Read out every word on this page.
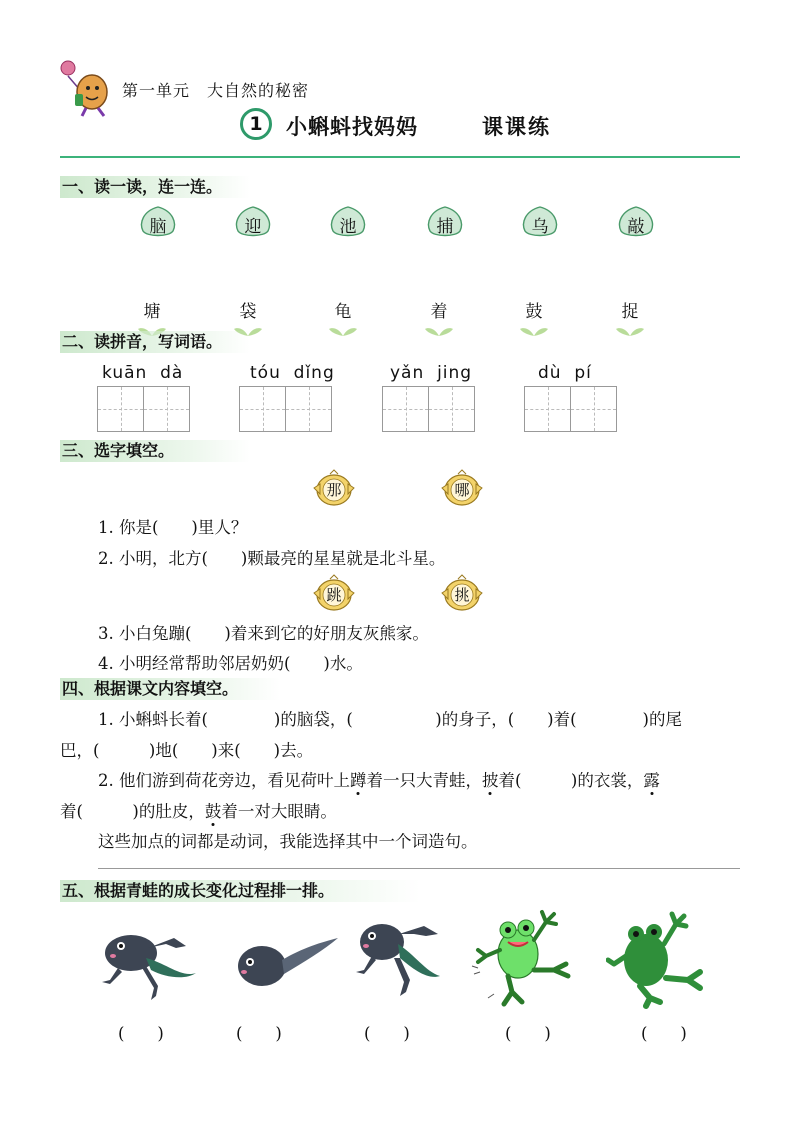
第一单元　大自然的秘密
1	小蝌蚪找妈妈	课课练
一、读一读，连一连。
脑	迎	池	捕	乌	敲
塘	袋	龟	着	鼓	捉
二、读拼音，写词语。
kuān dà	tóu dǐng	yǎn jing	dù pí
三、选字填空。
那	哪
1. 你是(　　)里人？
2. 小明，北方(　　)颗最亮的星星就是北斗星。
跳	挑
3. 小白兔蹦(　　)着来到它的好朋友灰熊家。
4. 小明经常帮助邻居奶奶(　　)水。
四、根据课文内容填空。
1. 小蝌蚪长着(　　　　)的脑袋，(　　　　　)的身子，(　　)着(　　　　)的尾
巴，(　　　)地(　　)来(　　)去。
2. 他们游到荷花旁边，看见荷叶上蹲着一只大青蛙，披着(　　　)的衣裳，露
着(　　　)的肚皮，鼓着一对大眼睛。
这些加点的词都是动词，我能选择其中一个词造句。
五、根据青蛙的成长变化过程排一排。
(　　)	(　　)	(　　)	(　　)	(　　)
